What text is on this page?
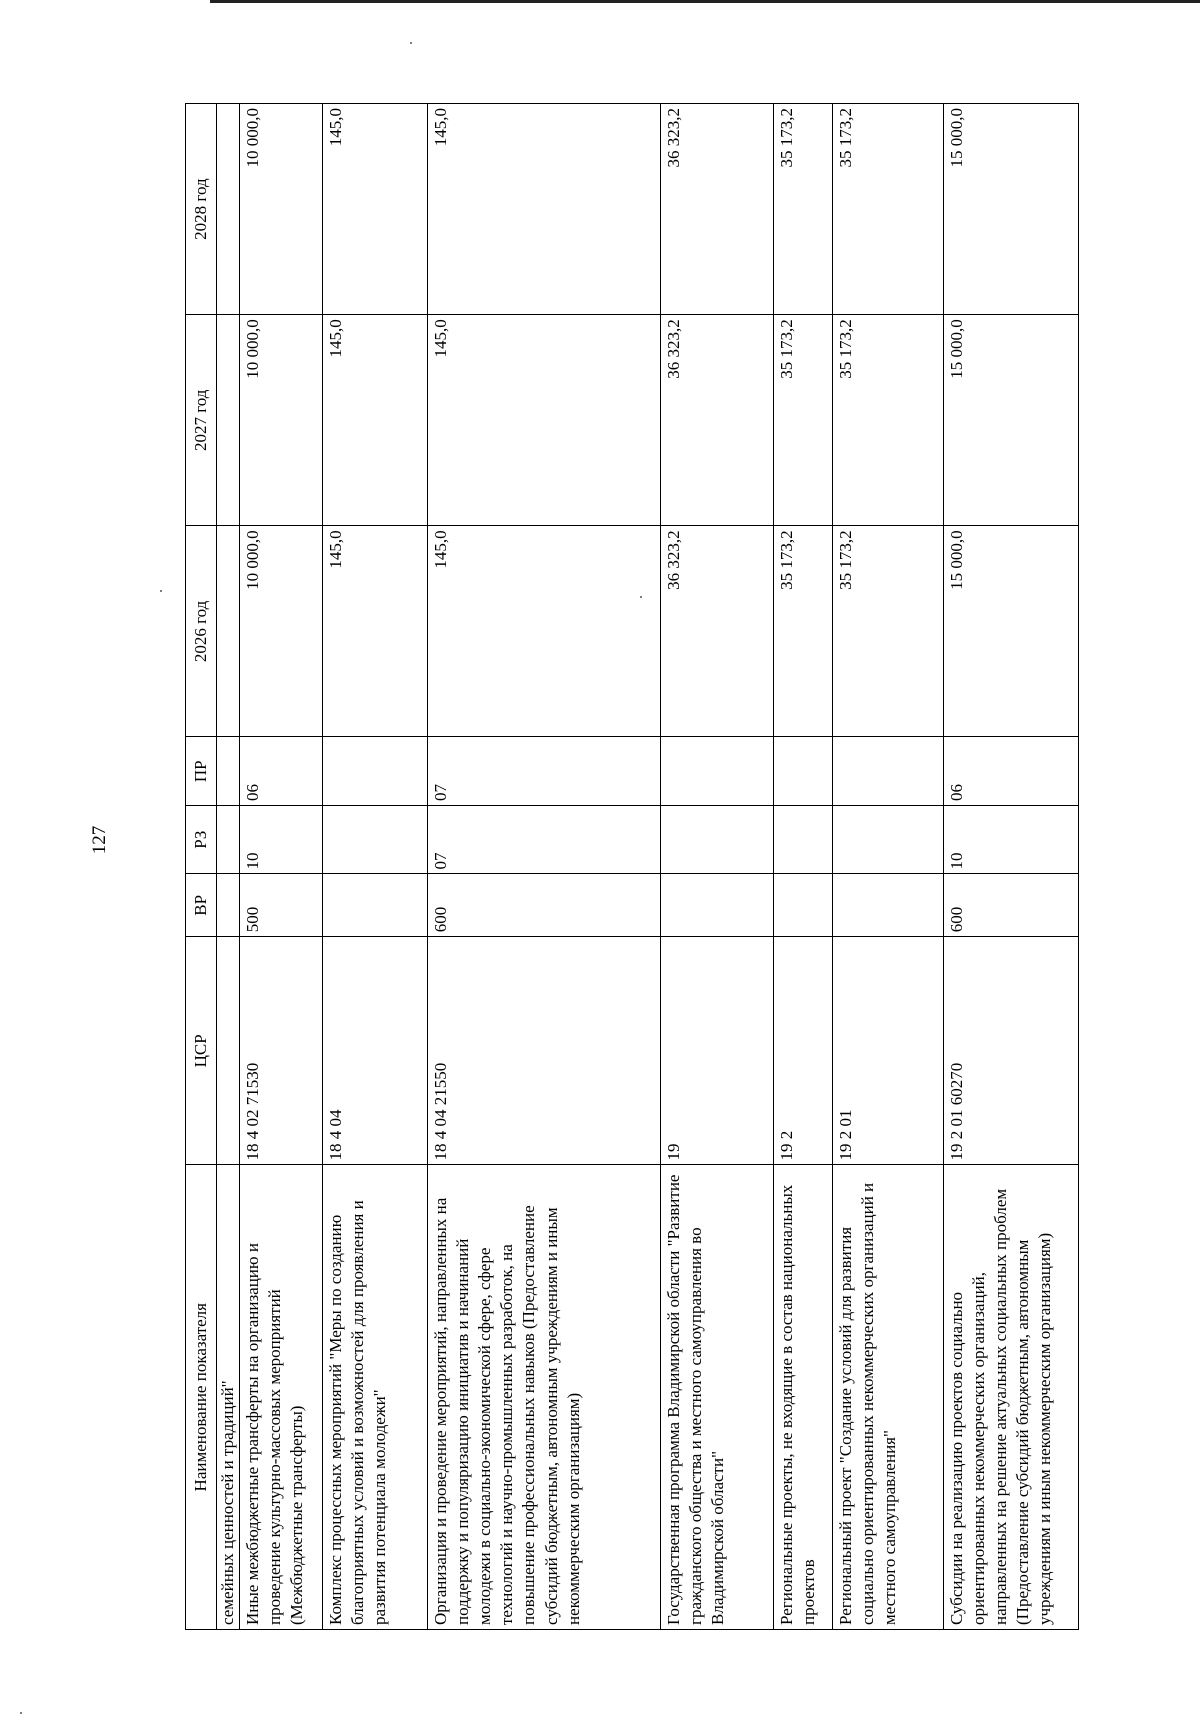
127
Наименование показателя	ЦСР	ВР	РЗ	ПР	2026 год	2027 год	2028 год
семейных ценностей и традиций"							
Иные межбюджетные трансферты на организацию и проведение культурно-массовых мероприятий (Межбюджетные трансферты)	18 4 02 71530	500	10	06	10 000,0	10 000,0	10 000,0
Комплекс процессных мероприятий "Меры по созданию благоприятных условий и возможностей для проявления и развития потенциала молодежи"	18 4 04				145,0	145,0	145,0
Организация и проведение мероприятий, направленных на поддержку и популяризацию инициатив и начинаний молодежи в социально-экономической сфере, сфере технологий и научно-промышленных разработок, на повышение профессиональных навыков (Предоставление субсидий бюджетным, автономным учреждениям и иным некоммерческим организациям)	18 4 04 21550	600	07	07	145,0	145,0	145,0
Государственная программа Владимирской области "Развитие гражданского общества и местного самоуправления во Владимирской области"	19				36 323,2	36 323,2	36 323,2
Региональные проекты, не входящие в состав национальных проектов	19 2				35 173,2	35 173,2	35 173,2
Региональный проект "Создание условий для развития социально ориентированных некоммерческих организаций и местного самоуправления"	19 2 01				35 173,2	35 173,2	35 173,2
Субсидии на реализацию проектов социально ориентированных некоммерческих организаций, направленных на решение актуальных социальных проблем (Предоставление субсидий бюджетным, автономным учреждениям и иным некоммерческим организациям)	19 2 01 60270	600	10	06	15 000,0	15 000,0	15 000,0
